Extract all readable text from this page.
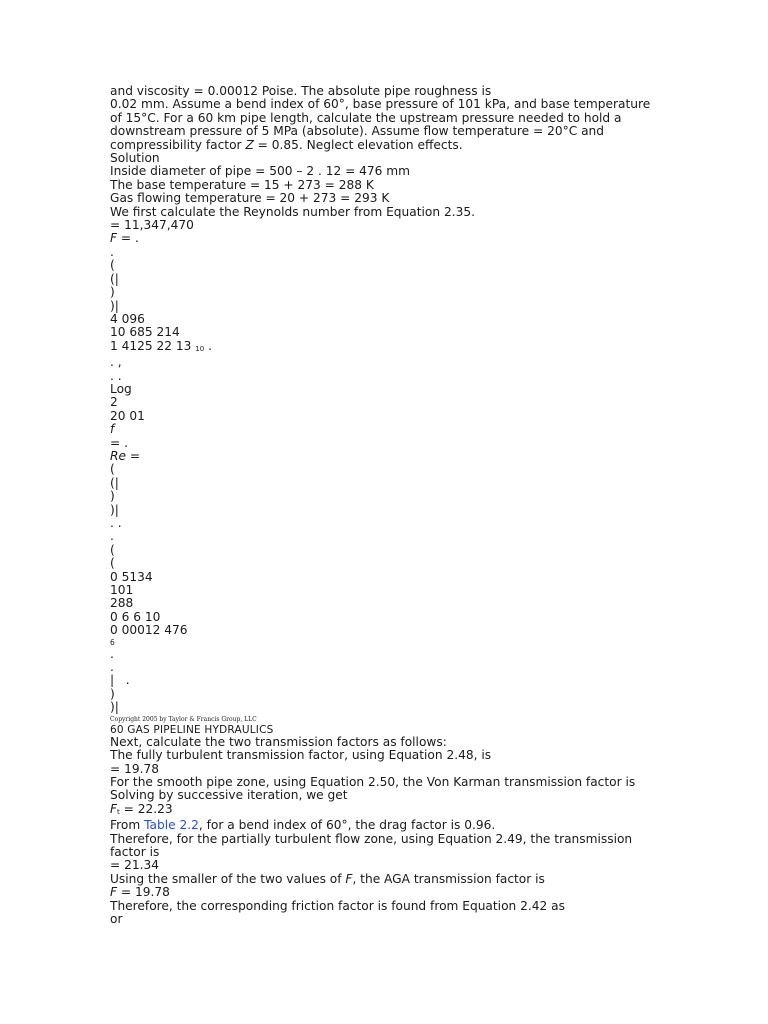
and viscosity = 0.00012 Poise. The absolute pipe roughness is

0.02 mm. Assume a bend index of 60°, base pressure of 101 kPa, and base temperature

of 15°C. For a 60 km pipe length, calculate the upstream pressure needed to hold a

downstream pressure of 5 MPa (absolute). Assume flow temperature = 20°C and

compressibility factor Z = 0.85. Neglect elevation effects.

Solution

Inside diameter of pipe = 500 – 2 . 12 = 476 mm

The base temperature = 15 + 273 = 288 K

Gas flowing temperature = 20 + 273 = 293 K

We first calculate the Reynolds number from Equation 2.35.

= 11,347,470

F = .

.

(

(|

)

)|

4 096

10 685 214

1 4125 22 13 10 .

. ,

. .

Log

2

20 01

f

= .

Re =

(

(|

)

)|

. .

.

(

(

0 5134

101

288

0 6 6 10

0 00012 476

6

.

.

|   .

)

)|

Copyright 2005 by Taylor & Francis Group, LLC

60 GAS PIPELINE HYDRAULICS

Next, calculate the two transmission factors as follows:

The fully turbulent transmission factor, using Equation 2.48, is

= 19.78

For the smooth pipe zone, using Equation 2.50, the Von Karman transmission factor is

Solving by successive iteration, we get

Ft = 22.23

From Table 2.2, for a bend index of 60°, the drag factor is 0.96.

Therefore, for the partially turbulent flow zone, using Equation 2.49, the transmission

factor is

= 21.34

Using the smaller of the two values of F, the AGA transmission factor is

F = 19.78

Therefore, the corresponding friction factor is found from Equation 2.42 as

or
